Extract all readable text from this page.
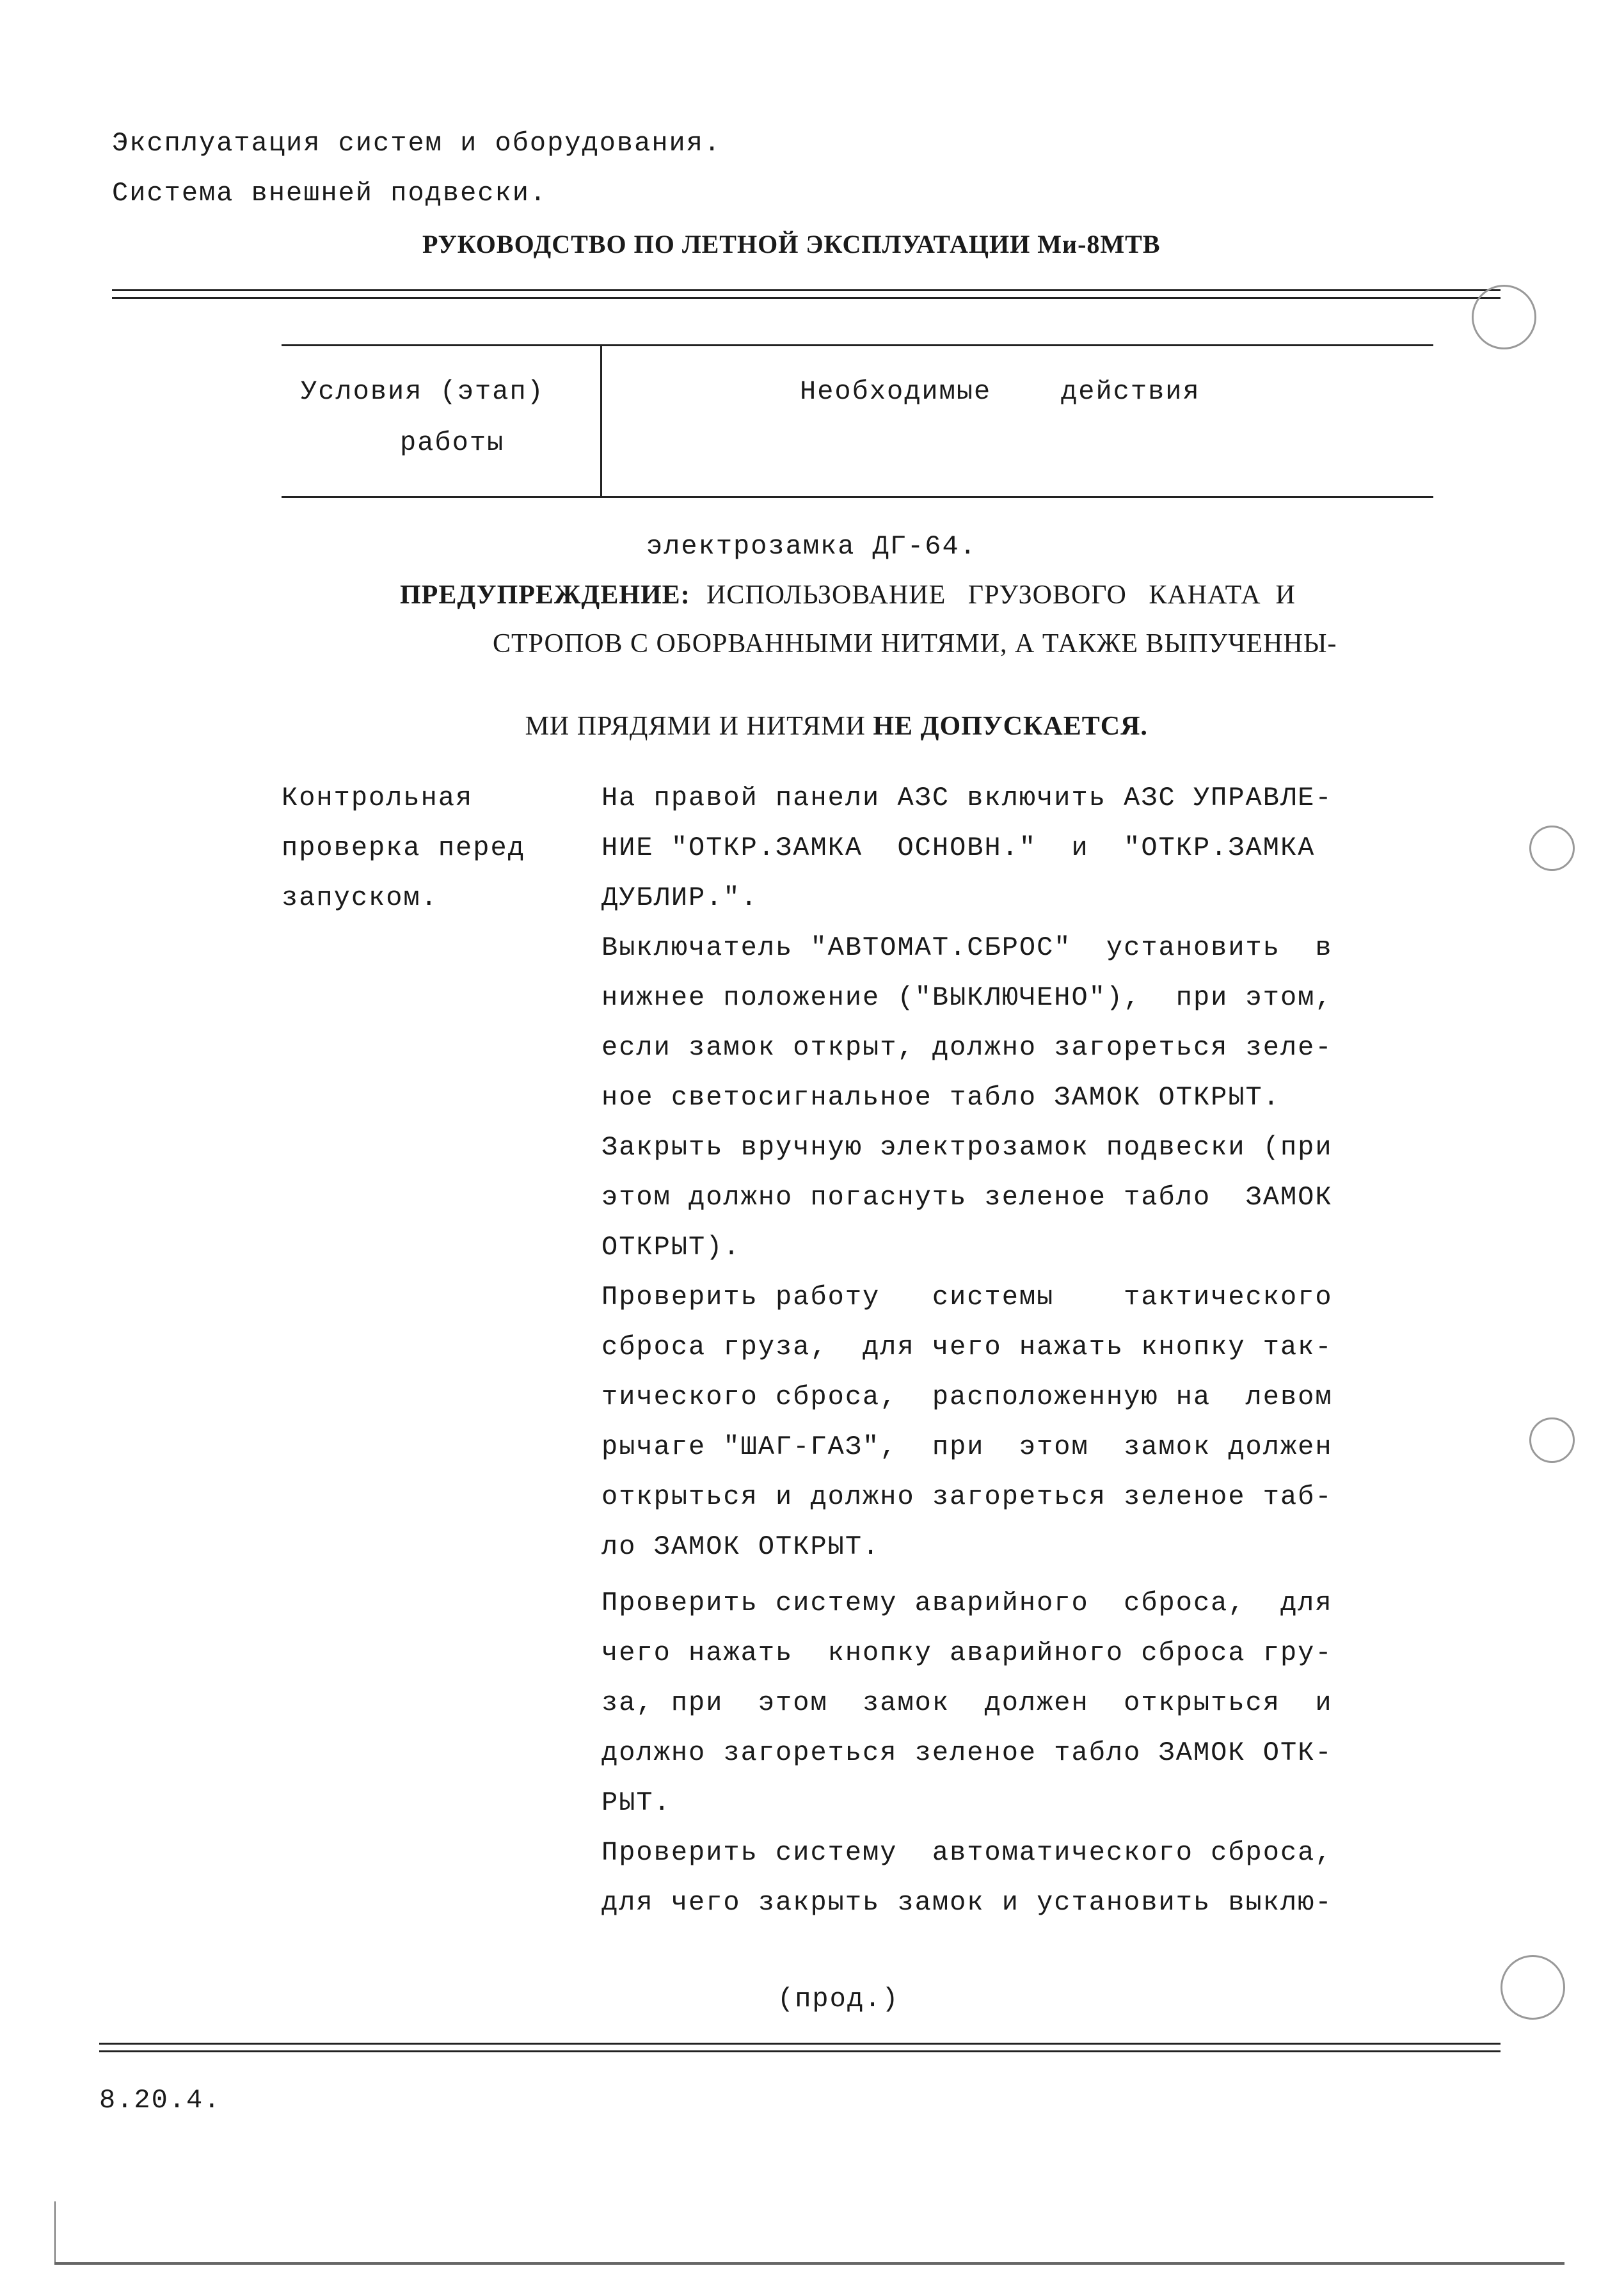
Эксплуатация систем и оборудования.
Система внешней подвески.
РУКОВОДСТВО ПО ЛЕТНОЙ ЭКСПЛУАТАЦИИ Ми-8МТВ
Условия (этап)
работы
Необходимые    действия
электрозамка ДГ-64.
ПРЕДУПРЕЖДЕНИЕ: ИСПОЛЬЗОВАНИЕ   ГРУЗОВОГО   КАНАТА  И
СТРОПОВ С ОБОРВАННЫМИ НИТЯМИ, А ТАКЖЕ ВЫПУЧЕННЫ-

МИ ПРЯДЯМИ И НИТЯМИ НЕ ДОПУСКАЕТСЯ.

Контрольная
проверка перед
запуском.
На правой панели АЗС включить АЗС УПРАВЛЕ-
НИЕ "ОТКР.ЗАМКА  ОСНОВН."  и  "ОТКР.ЗАМКА
ДУБЛИР.".
Выключатель "АВТОМАТ.СБРОС"  установить  в
нижнее положение ("ВЫКЛЮЧЕНО"),  при этом,
если замок открыт, должно загореться зеле-
ное светосигнальное табло ЗАМОК ОТКРЫТ.
Закрыть вручную электрозамок подвески (при
этом должно погаснуть зеленое табло  ЗАМОК
ОТКРЫТ).
Проверить работу   системы    тактического
сброса груза,  для чего нажать кнопку так-
тического сброса,  расположенную на  левом
рычаге "ШАГ-ГАЗ",  при  этом  замок должен
открыться и должно загореться зеленое таб-
ло ЗАМОК ОТКРЫТ.
Проверить систему аварийного  сброса,  для
чего нажать  кнопку аварийного сброса гру-
за, при  этом  замок  должен  открыться  и
должно загореться зеленое табло ЗАМОК ОТК-
РЫТ.
Проверить систему  автоматического сброса,
для чего закрыть замок и установить выклю-
(прод.)
8.20.4.
